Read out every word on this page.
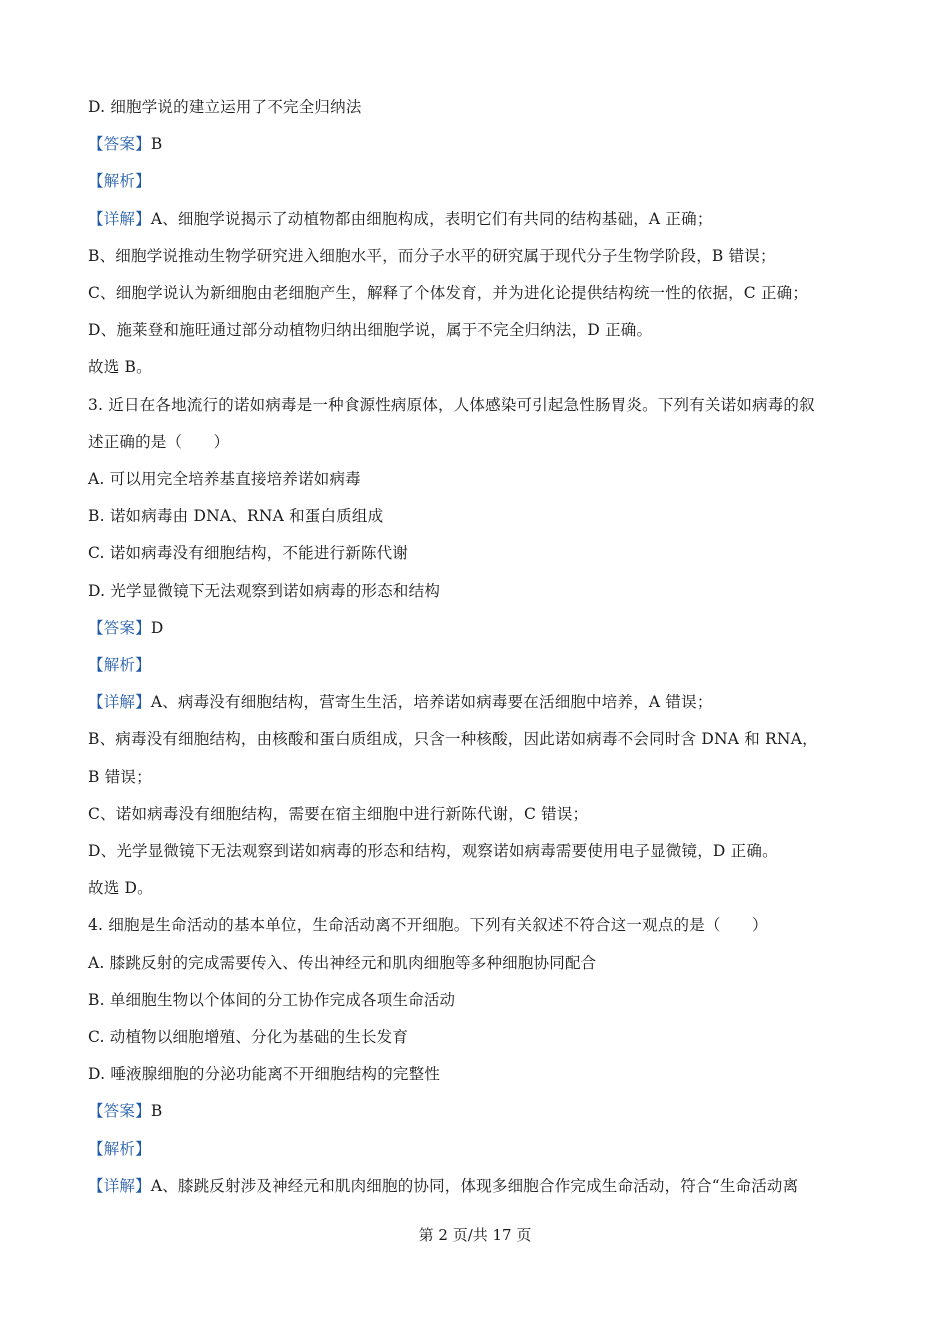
D. 细胞学说的建立运用了不完全归纳法
【答案】B
【解析】
【详解】A、细胞学说揭示了动植物都由细胞构成，表明它们有共同的结构基础，A 正确；
B、细胞学说推动生物学研究进入细胞水平，而分子水平的研究属于现代分子生物学阶段，B 错误；
C、细胞学说认为新细胞由老细胞产生，解释了个体发育，并为进化论提供结构统一性的依据，C 正确；
D、施莱登和施旺通过部分动植物归纳出细胞学说，属于不完全归纳法，D 正确。
故选 B。
3. 近日在各地流行的诺如病毒是一种食源性病原体，人体感染可引起急性肠胃炎。下列有关诺如病毒的叙
述正确的是（　　）
A. 可以用完全培养基直接培养诺如病毒
B. 诺如病毒由 DNA、RNA 和蛋白质组成
C. 诺如病毒没有细胞结构，不能进行新陈代谢
D. 光学显微镜下无法观察到诺如病毒的形态和结构
【答案】D
【解析】
【详解】A、病毒没有细胞结构，营寄生生活，培养诺如病毒要在活细胞中培养，A 错误；
B、病毒没有细胞结构，由核酸和蛋白质组成，只含一种核酸，因此诺如病毒不会同时含 DNA 和 RNA，
B 错误；
C、诺如病毒没有细胞结构，需要在宿主细胞中进行新陈代谢，C 错误；
D、光学显微镜下无法观察到诺如病毒的形态和结构，观察诺如病毒需要使用电子显微镜，D 正确。
故选 D。
4. 细胞是生命活动的基本单位，生命活动离不开细胞。下列有关叙述不符合这一观点的是（　　）
A. 膝跳反射的完成需要传入、传出神经元和肌肉细胞等多种细胞协同配合
B. 单细胞生物以个体间的分工协作完成各项生命活动
C. 动植物以细胞增殖、分化为基础的生长发育
D. 唾液腺细胞的分泌功能离不开细胞结构的完整性
【答案】B
【解析】
【详解】A、膝跳反射涉及神经元和肌肉细胞的协同，体现多细胞合作完成生命活动，符合“生命活动离
第 2 页/共 17 页
